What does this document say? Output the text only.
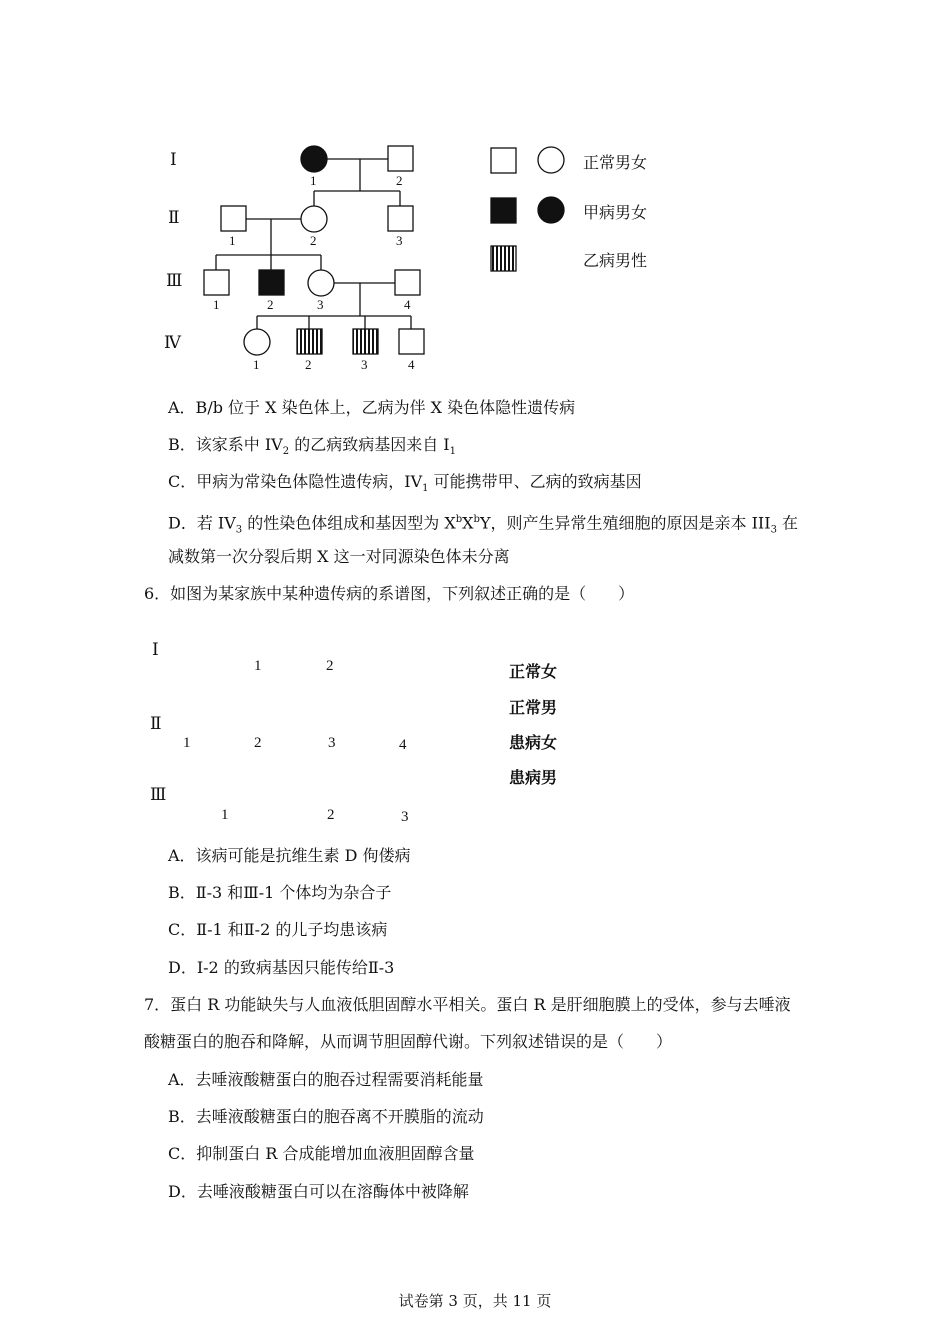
Ⅰ
Ⅱ
Ⅲ
Ⅳ
1	2
1	2	3
1	2	3	4
1	2	3	4
正常男女
甲病男女
乙病男性
A．B/b 位于 X 染色体上，乙病为伴 X 染色体隐性遗传病
B．该家系中 $IV_2$ 的乙病致病基因来自 $I_1$
C．甲病为常染色体隐性遗传病，$IV_1$ 可能携带甲、乙病的致病基因
D．若 $IV_3$ 的性染色体组成和基因型为 $X^bX^bY$，则产生异常生殖细胞的原因是亲本 $III_3$ 在
减数第一次分裂后期 X 这一对同源染色体未分离
6．如图为某家族中某种遗传病的系谱图，下列叙述正确的是（　　）
Ⅰ
Ⅱ
Ⅲ
1	2
1	2	3	4
1	2	3
正常女
正常男
患病女
患病男
A．该病可能是抗维生素 D 佝偻病
B．Ⅱ-3 和Ⅲ-1 个体均为杂合子
C．Ⅱ-1 和Ⅱ-2 的儿子均患该病
D．Ⅰ-2 的致病基因只能传给Ⅱ-3
7．蛋白 R 功能缺失与人血液低胆固醇水平相关。蛋白 R 是肝细胞膜上的受体，参与去唾液
酸糖蛋白的胞吞和降解，从而调节胆固醇代谢。下列叙述错误的是（　　）
A．去唾液酸糖蛋白的胞吞过程需要消耗能量
B．去唾液酸糖蛋白的胞吞离不开膜脂的流动
C．抑制蛋白 R 合成能增加血液胆固醇含量
D．去唾液酸糖蛋白可以在溶酶体中被降解
试卷第 3 页，共 11 页
